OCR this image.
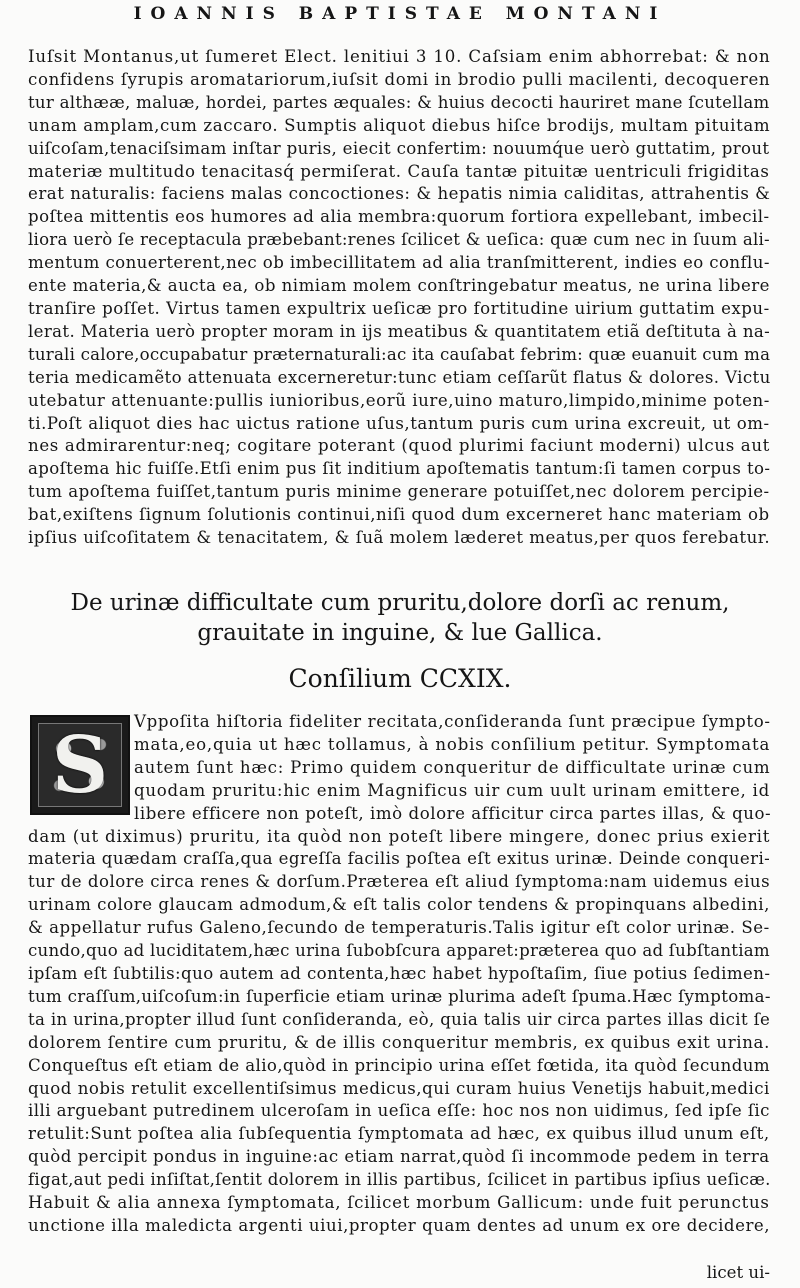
IOANNIS BAPTISTAE MONTANI
Iuſsit Montanus,ut ſumeret Elect. lenitiui 3 10. Caſsiam enim abhorrebat: & non
confidens ſyrupis aromatariorum,iuſsit domi in brodio pulli macilenti, decoqueren
tur althææ, maluæ, hordei, partes æquales: & huius decocti hauriret mane ſcutellam
unam amplam,cum zaccaro. Sumptis aliquot diebus hiſce brodijs, multam pituitam
uiſcoſam,tenaciſsimam inſtar puris, eiecit confertim: nouumq́ue uerò guttatim, prout
materiæ multitudo tenacitasq́ permiſerat. Cauſa tantæ pituitæ uentriculi frigiditas
erat naturalis: faciens malas concoctiones: & hepatis nimia caliditas, attrahentis &
poſtea mittentis eos humores ad alia membra:quorum fortiora expellebant, imbecil-
liora uerò ſe receptacula præbebant:renes ſcilicet & ueſica: quæ cum nec in ſuum ali-
mentum conuerterent,nec ob imbecillitatem ad alia tranſmitterent, indies eo conflu-
ente materia,& aucta ea, ob nimiam molem conſtringebatur meatus, ne urina libere
tranſire poſſet. Virtus tamen expultrix ueſicæ pro fortitudine uirium guttatim expu-
lerat. Materia uerò propter moram in ijs meatibus & quantitatem etiã deſtituta à na-
turali calore,occupabatur præternaturali:ac ita cauſabat febrim: quæ euanuit cum ma
teria medicamẽto attenuata excerneretur:tunc etiam ceſſarũt flatus & dolores. Victu
utebatur attenuante:pullis iunioribus,eorũ iure,uino maturo,limpido,minime poten-
ti.Poſt aliquot dies hac uictus ratione uſus,tantum puris cum urina excreuit, ut om-
nes admirarentur:neq; cogitare poterant (quod plurimi faciunt moderni) ulcus aut
apoſtema hic fuiſſe.Etſi enim pus ſit inditium apoſtematis tantum:ſi tamen corpus to-
tum apoſtema fuiſſet,tantum puris minime generare potuiſſet,nec dolorem percipie-
bat,exiſtens ſignum ſolutionis continui,niſi quod dum excerneret hanc materiam ob
ipſius uiſcoſitatem & tenacitatem, & ſuã molem læderet meatus,per quos ferebatur.
De urinæ difficultate cum pruritu,dolore dorſi ac renum,
grauitate in inguine, & lue Gallica.
Conſilium CCXIX.
S	Vppoſita hiſtoria fideliter recitata,conſideranda ſunt præcipue ſympto-
mata,eo,quia ut hæc tollamus, à nobis conſilium petitur. Symptomata
autem ſunt hæc: Primo quidem conqueritur de difficultate urinæ cum
quodam pruritu:hic enim Magnificus uir cum uult urinam emittere, id
libere efficere non poteſt, imò dolore afficitur circa partes illas, & quo-
dam (ut diximus) pruritu, ita quòd non poteſt libere mingere, donec prius exierit
materia quædam craſſa,qua egreſſa facilis poſtea eſt exitus urinæ. Deinde conqueri-
tur de dolore circa renes & dorſum.Præterea eſt aliud ſymptoma:nam uidemus eius
urinam colore glaucam admodum,& eſt talis color tendens & propinquans albedini,
& appellatur rufus Galeno,ſecundo de temperaturis.Talis igitur eſt color urinæ. Se-
cundo,quo ad luciditatem,hæc urina ſubobſcura apparet:præterea quo ad ſubſtantiam
ipſam eſt ſubtilis:quo autem ad contenta,hæc habet hypoſtaſim, ſiue potius ſedimen-
tum craſſum,uiſcoſum:in ſuperficie etiam urinæ plurima adeſt ſpuma.Hæc ſymptoma-
ta in urina,propter illud ſunt conſideranda, eò, quia talis uir circa partes illas dicit ſe
dolorem ſentire cum pruritu, & de illis conqueritur membris, ex quibus exit urina.
Conqueſtus eſt etiam de alio,quòd in principio urina eſſet fœtida, ita quòd ſecundum
quod nobis retulit excellentiſsimus medicus,qui curam huius Venetijs habuit,medici
illi arguebant putredinem ulceroſam in ueſica eſſe: hoc nos non uidimus, ſed ipſe ſic
retulit:Sunt poſtea alia ſubſequentia ſymptomata ad hæc, ex quibus illud unum eſt,
quòd percipit pondus in inguine:ac etiam narrat,quòd ſi incommode pedem in terra
figat,aut pedi inſiſtat,ſentit dolorem in illis partibus, ſcilicet in partibus ipſius ueſicæ.
Habuit & alia annexa ſymptomata, ſcilicet morbum Gallicum: unde fuit perunctus
unctione illa maledicta argenti uiui,propter quam dentes ad unum ex ore decidere,
licet ui-
